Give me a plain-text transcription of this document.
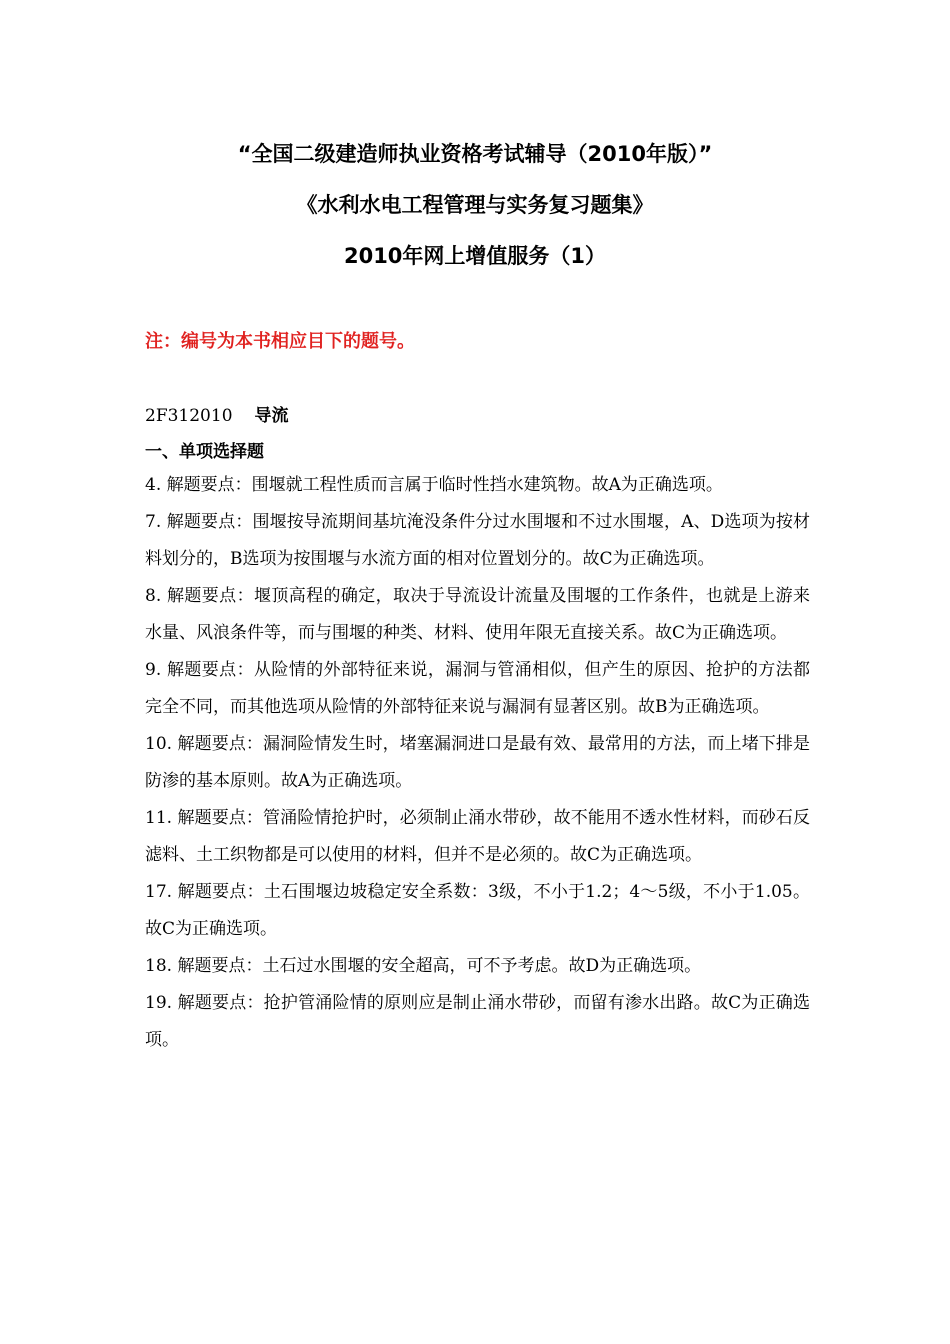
“全国二级建造师执业资格考试辅导（2010年版）”
《水利水电工程管理与实务复习题集》
2010年网上增值服务（1）
注：编号为本书相应目下的题号。
2F312010 导流
一、单项选择题

4. 解题要点：围堰就工程性质而言属于临时性挡水建筑物。故A为正确选项。

7. 解题要点：围堰按导流期间基坑淹没条件分过水围堰和不过水围堰，A、D选项为按材料划分的，B选项为按围堰与水流方面的相对位置划分的。故C为正确选项。

8. 解题要点：堰顶高程的确定，取决于导流设计流量及围堰的工作条件，也就是上游来水量、风浪条件等，而与围堰的种类、材料、使用年限无直接关系。故C为正确选项。

9. 解题要点：从险情的外部特征来说，漏洞与管涌相似，但产生的原因、抢护的方法都完全不同，而其他选项从险情的外部特征来说与漏洞有显著区别。故B为正确选项。

10. 解题要点：漏洞险情发生时，堵塞漏洞进口是最有效、最常用的方法，而上堵下排是防渗的基本原则。故A为正确选项。

11. 解题要点：管涌险情抢护时，必须制止涌水带砂，故不能用不透水性材料，而砂石反滤料、土工织物都是可以使用的材料，但并不是必须的。故C为正确选项。

17. 解题要点：土石围堰边坡稳定安全系数：3级，不小于1.2；4～5级，不小于1.05。故C为正确选项。

18. 解题要点：土石过水围堰的安全超高，可不予考虑。故D为正确选项。

19. 解题要点：抢护管涌险情的原则应是制止涌水带砂，而留有渗水出路。故C为正确选项。
